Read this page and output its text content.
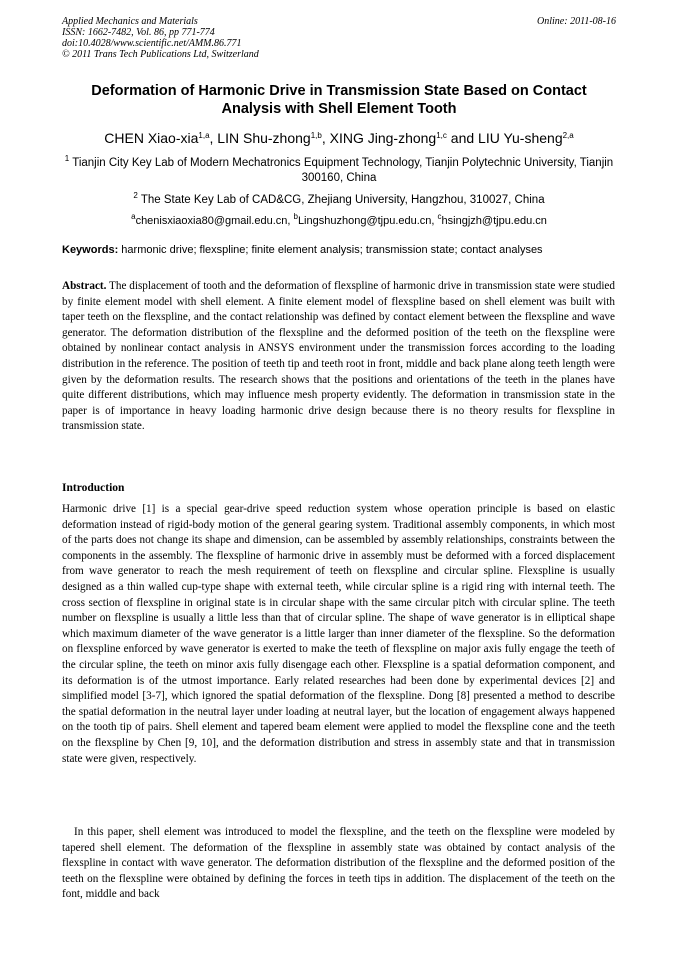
Applied Mechanics and Materials
ISSN: 1662-7482, Vol. 86, pp 771-774
doi:10.4028/www.scientific.net/AMM.86.771
© 2011 Trans Tech Publications Ltd, Switzerland
Online: 2011-08-16
Deformation of Harmonic Drive in Transmission State Based on Contact Analysis with Shell Element Tooth
CHEN Xiao-xia$^{1,a}$, LIN Shu-zhong$^{1,b}$, XING Jing-zhong$^{1,c}$ and LIU Yu-sheng$^{2,a}$
$^1$ Tianjin City Key Lab of Modern Mechatronics Equipment Technology, Tianjin Polytechnic University, Tianjin 300160, China
$^2$ The State Key Lab of CAD&CG, Zhejiang University, Hangzhou, 310027, China
$^a$chenisxiaoxia80@gmail.edu.cn, $^b$Lingshuzhong@tjpu.edu.cn, $^c$hsingjzh@tjpu.edu.cn
Keywords: harmonic drive; flexspline; finite element analysis; transmission state; contact analyses
Abstract. The displacement of tooth and the deformation of flexspline of harmonic drive in transmission state were studied by finite element model with shell element. A finite element model of flexspline based on shell element was built with taper teeth on the flexspline, and the contact relationship was defined by contact element between the flexspline and wave generator. The deformation distribution of the flexspline and the deformed position of the teeth on the flexspline were obtained by nonlinear contact analysis in ANSYS environment under the transmission forces according to the loading distribution in the reference. The position of teeth tip and teeth root in front, middle and back plane along teeth length were given by the deformation results. The research shows that the positions and orientations of the teeth in the planes have quite different distributions, which may influence mesh property evidently. The deformation in transmission state in the paper is of importance in heavy loading harmonic drive design because there is no theory results for flexspline in transmission state.
Introduction
Harmonic drive [1] is a special gear-drive speed reduction system whose operation principle is based on elastic deformation instead of rigid-body motion of the general gearing system. Traditional assembly components, in which most of the parts does not change its shape and dimension, can be assembled by assembly relationships, constraints between the components in the assembly. The flexspline of harmonic drive in assembly must be deformed with a forced displacement from wave generator to reach the mesh requirement of teeth on flexspline and circular spline. Flexspline is usually designed as a thin walled cup-type shape with external teeth, while circular spline is a rigid ring with internal teeth. The cross section of flexspline in original state is in circular shape with the same circular pitch with circular spline. The teeth number on flexspline is usually a little less than that of circular spline. The shape of wave generator is in elliptical shape which maximum diameter of the wave generator is a little larger than inner diameter of the flexspline. So the deformation on flexspline enforced by wave generator is exerted to make the teeth of flexspline on major axis fully engage the teeth of the circular spline, the teeth on minor axis fully disengage each other. Flexspline is a spatial deformation component, and its deformation is of the utmost importance. Early related researches had been done by experimental devices [2] and simplified model [3-7], which ignored the spatial deformation of the flexspline. Dong [8] presented a method to describe the spatial deformation in the neutral layer under loading at neutral layer, but the location of engagement always happened on the tooth tip of pairs. Shell element and tapered beam element were applied to model the flexspline cone and the teeth on the flexspline by Chen [9, 10], and the deformation distribution and stress in assembly state and that in transmission state were given, respectively.
In this paper, shell element was introduced to model the flexspline, and the teeth on the flexspline were modeled by tapered shell element. The deformation of the flexspline in assembly state was obtained by contact analysis of the flexspline in contact with wave generator. The deformation distribution of the flexspline and the deformed position of the teeth on the flexspline were obtained by defining the forces in teeth tips in addition. The displacement of the teeth on the font, middle and back
